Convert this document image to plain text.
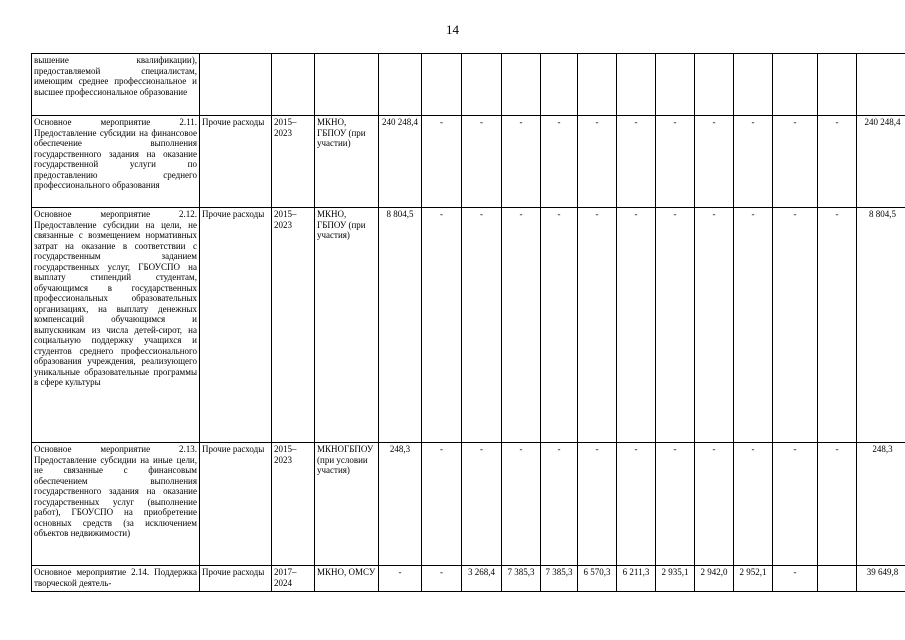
14
вышение квалификации), предоставляемой специалистам, имеющим среднее профессиональное и высшее профессиональное образование																
Основное мероприятие 2.11. Предоставление субсидии на финансовое обеспечение выполнения государственного задания на оказание государственной услуги по предоставлению среднего профессионального образования	Прочие расходы	2015–2023	МКНО, ГБПОУ (при участии)	240 248,4	-	-	-	-	-	-	-	-	-	-	-	240 248,4
Основное мероприятие 2.12. Предоставление субсидии на цели, не связанные с возмещением нормативных затрат на оказание в соответствии с государственным заданием государственных услуг, ГБОУСПО на выплату стипендий студентам, обучающимся в государственных профессиональных образовательных организациях, на выплату денежных компенсаций обучающимся и выпускникам из числа детей-сирот, на социальную поддержку учащихся и студентов среднего профессионального образования учреждения, реализующего уникальные образовательные программы в сфере культуры	Прочие расходы	2015–2023	МКНО, ГБПОУ (при участия)	8 804,5	-	-	-	-	-	-	-	-	-	-	-	8 804,5
Основное мероприятие 2.13. Предоставление субсидии на иные цели, не связанные с финансовым обеспечением выполнения государственного задания на оказание государственных услуг (выполнение работ), ГБОУСПО на приобретение основных средств (за исключением объектов недвижимости)	Прочие расходы	2015–2023	МКНОГБПОУ (при условии участия)	248,3	-	-	-	-	-	-	-	-	-	-	-	248,3
Основное мероприятие 2.14. Поддержка творческой деятель-	Прочие расходы	2017–2024	МКНО, ОМСУ	-	-	3 268,4	7 385,3	7 385,3	6 570,3	6 211,3	2 935,1	2 942,0	2 952,1	-		39 649,8
